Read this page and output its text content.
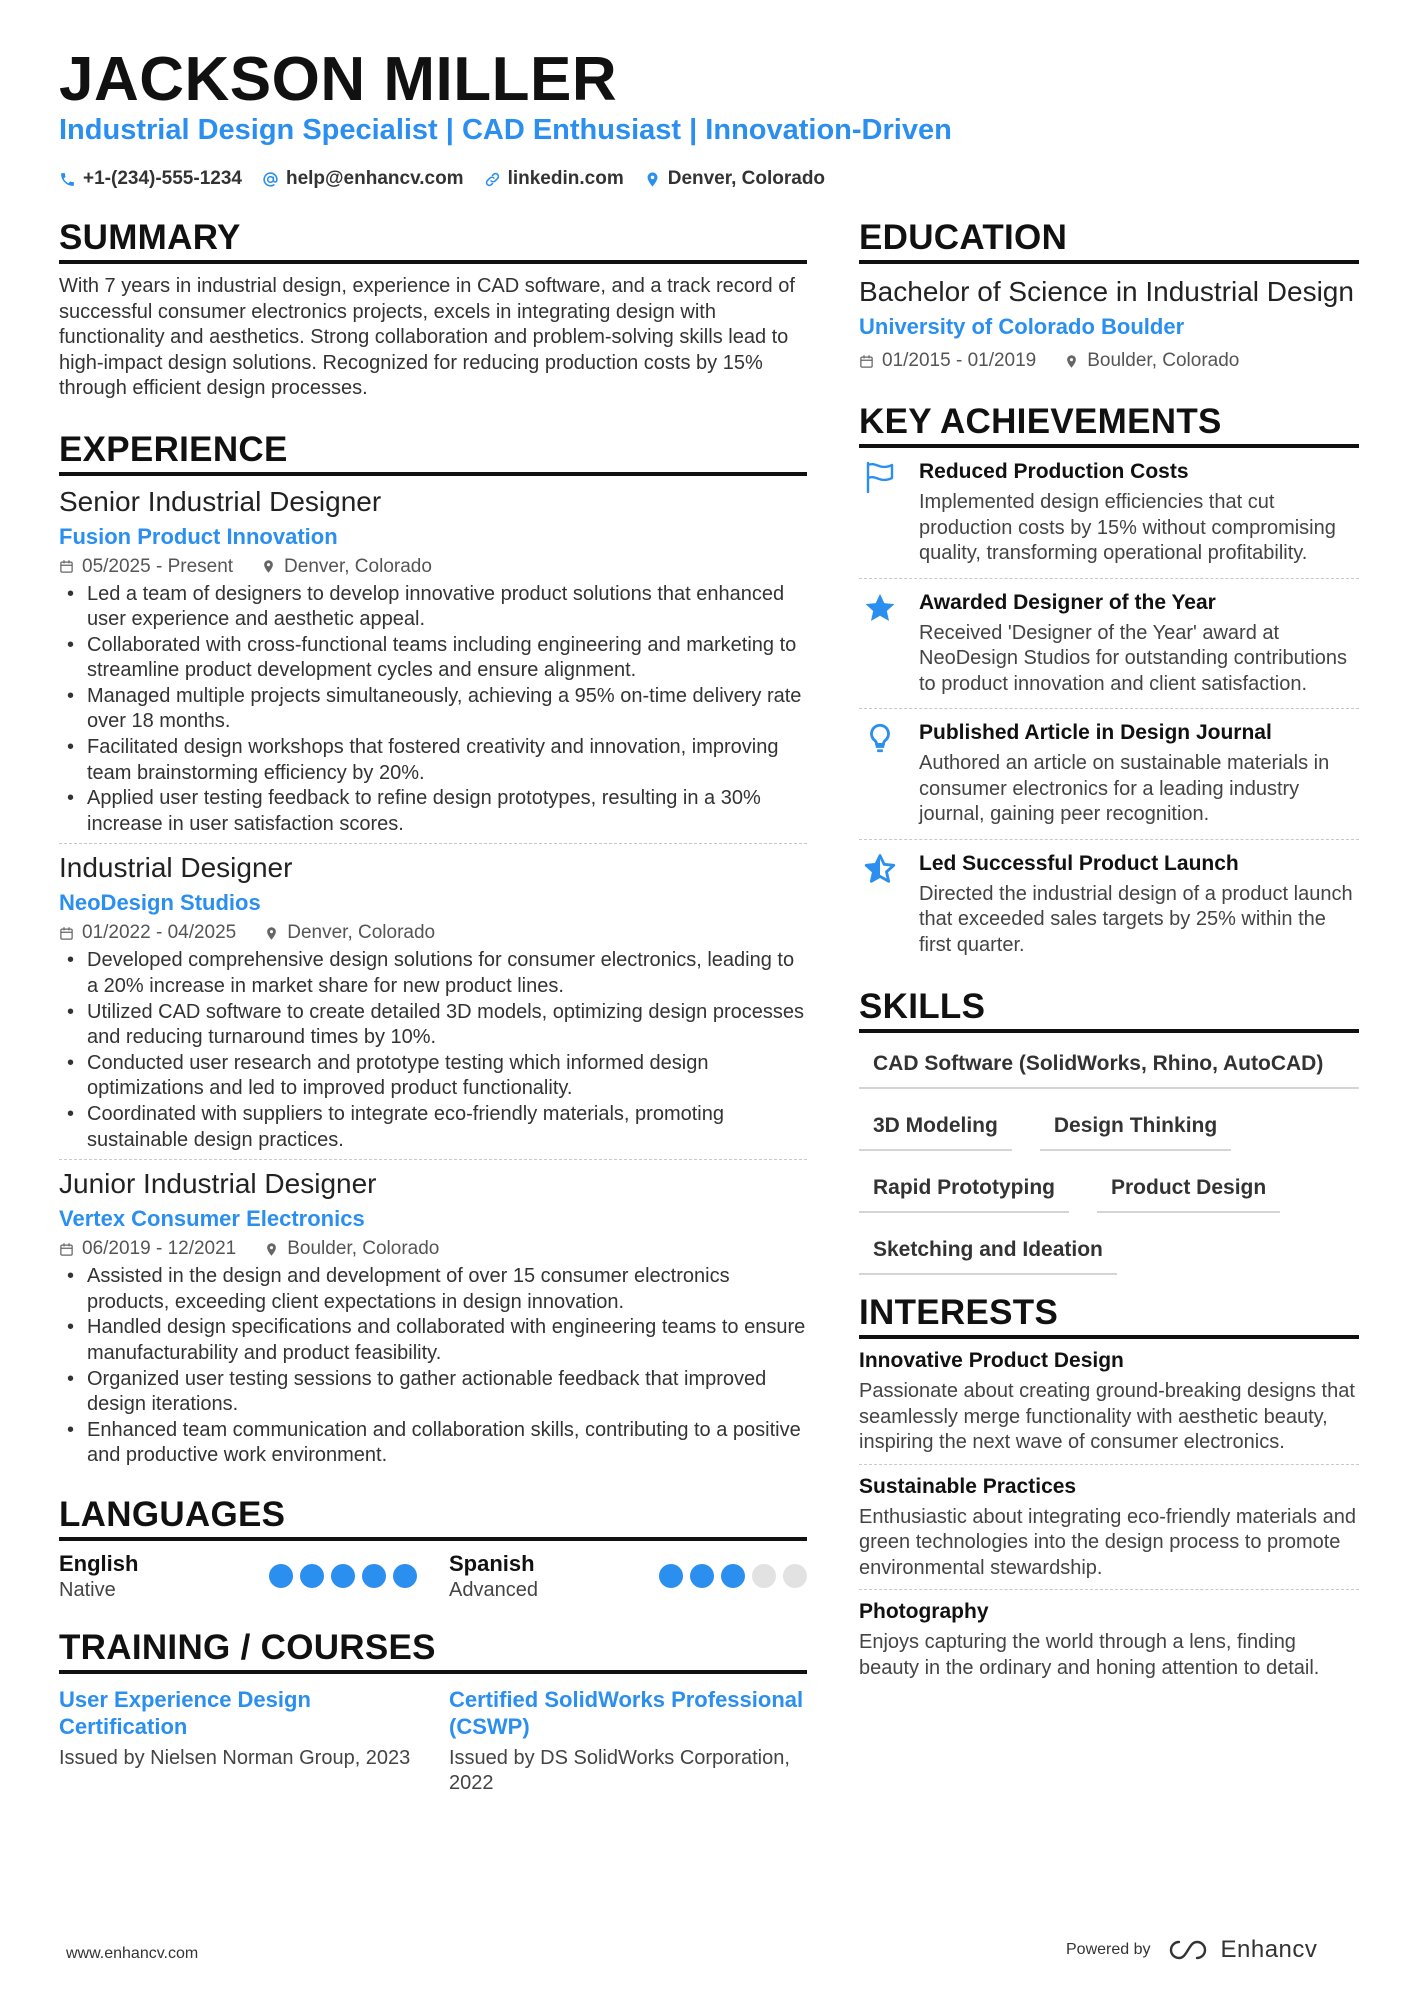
JACKSON MILLER
Industrial Design Specialist | CAD Enthusiast | Innovation-Driven
+1-(234)-555-1234 help@enhancv.com linkedin.com Denver, Colorado
SUMMARY

With 7 years in industrial design, experience in CAD software, and a track record of successful consumer electronics projects, excels in integrating design with functionality and aesthetics. Strong collaboration and problem-solving skills lead to high-impact design solutions. Recognized for reducing production costs by 15% through efficient design processes.

EXPERIENCE
Senior Industrial Designer
Fusion Product Innovation
05/2025 - Present	Denver, Colorado
• Led a team of designers to develop innovative product solutions that enhanced user experience and aesthetic appeal.
• Collaborated with cross-functional teams including engineering and marketing to streamline product development cycles and ensure alignment.
• Managed multiple projects simultaneously, achieving a 95% on-time delivery rate over 18 months.
• Facilitated design workshops that fostered creativity and innovation, improving team brainstorming efficiency by 20%.
• Applied user testing feedback to refine design prototypes, resulting in a 30% increase in user satisfaction scores.
Industrial Designer
NeoDesign Studios
01/2022 - 04/2025	Denver, Colorado
• Developed comprehensive design solutions for consumer electronics, leading to a 20% increase in market share for new product lines.
• Utilized CAD software to create detailed 3D models, optimizing design processes and reducing turnaround times by 10%.
• Conducted user research and prototype testing which informed design optimizations and led to improved product functionality.
• Coordinated with suppliers to integrate eco-friendly materials, promoting sustainable design practices.
Junior Industrial Designer
Vertex Consumer Electronics
06/2019 - 12/2021	Boulder, Colorado
• Assisted in the design and development of over 15 consumer electronics products, exceeding client expectations in design innovation.
• Handled design specifications and collaborated with engineering teams to ensure manufacturability and product feasibility.
• Organized user testing sessions to gather actionable feedback that improved design iterations.
• Enhanced team communication and collaboration skills, contributing to a positive and productive work environment.
LANGUAGES
English
Native
Spanish
Advanced
TRAINING / COURSES
User Experience Design Certification
Issued by Nielsen Norman Group, 2023
Certified SolidWorks Professional (CSWP)
Issued by DS SolidWorks Corporation, 2022
EDUCATION
Bachelor of Science in Industrial Design
University of Colorado Boulder
01/2015 - 01/2019	Boulder, Colorado
KEY ACHIEVEMENTS
Reduced Production Costs
Implemented design efficiencies that cut production costs by 15% without compromising quality, transforming operational profitability.
Awarded Designer of the Year
Received 'Designer of the Year' award at NeoDesign Studios for outstanding contributions to product innovation and client satisfaction.
Published Article in Design Journal
Authored an article on sustainable materials in consumer electronics for a leading industry journal, gaining peer recognition.
Led Successful Product Launch
Directed the industrial design of a product launch that exceeded sales targets by 25% within the first quarter.
SKILLS
CAD Software (SolidWorks, Rhino, AutoCAD)
3D Modeling	Design Thinking
Rapid Prototyping	Product Design
Sketching and Ideation
INTERESTS
Innovative Product Design
Passionate about creating ground-breaking designs that seamlessly merge functionality with aesthetic beauty, inspiring the next wave of consumer electronics.
Sustainable Practices
Enthusiastic about integrating eco-friendly materials and green technologies into the design process to promote environmental stewardship.
Photography
Enjoys capturing the world through a lens, finding beauty in the ordinary and honing attention to detail.
www.enhancv.com	Powered by	Enhancv
